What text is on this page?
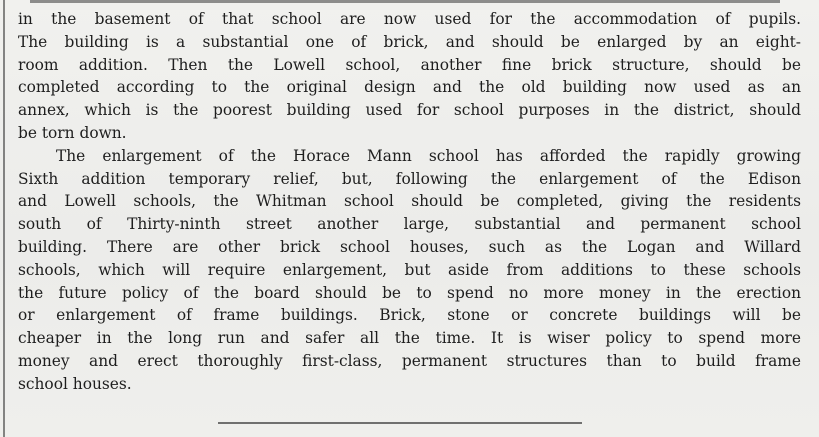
in the basement of that school are now used for the accommodation of pupils.
The building is a substantial one of brick, and should be enlarged by an eight-
room addition. Then the Lowell school, another fine brick structure, should be
completed according to the original design and the old building now used as an
annex, which is the poorest building used for school purposes in the district, should
be torn down.
The enlargement of the Horace Mann school has afforded the rapidly growing
Sixth addition temporary relief, but, following the enlargement of the Edison
and Lowell schools, the Whitman school should be completed, giving the residents
south of Thirty-ninth street another large, substantial and permanent school
building. There are other brick school houses, such as the Logan and Willard
schools, which will require enlargement, but aside from additions to these schools
the future policy of the board should be to spend no more money in the erection
or enlargement of frame buildings. Brick, stone or concrete buildings will be
cheaper in the long run and safer all the time. It is wiser policy to spend more
money and erect thoroughly first-class, permanent structures than to build frame
school houses.
